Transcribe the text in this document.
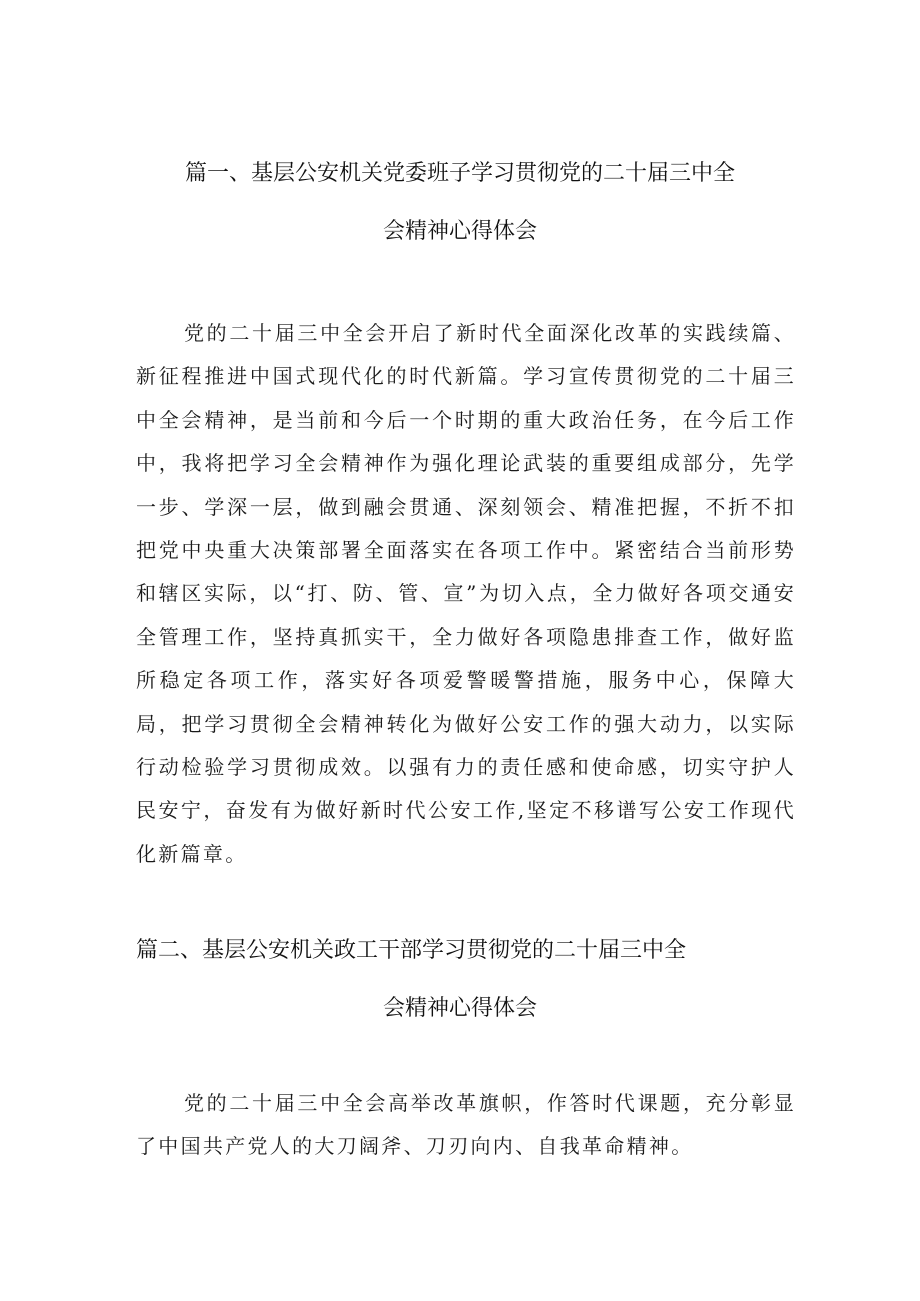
篇一、基层公安机关党委班子学习贯彻党的二十届三中全
会精神心得体会

党的二十届三中全会开启了新时代全面深化改革的实践续篇、新征程推进中国式现代化的时代新篇。学习宣传贯彻党的二十届三中全会精神，是当前和今后一个时期的重大政治任务，在今后工作中，我将把学习全会精神作为强化理论武装的重要组成部分，先学一步、学深一层，做到融会贯通、深刻领会、精准把握，不折不扣把党中央重大决策部署全面落实在各项工作中。紧密结合当前形势和辖区实际，以“打、防、管、宣”为切入点，全力做好各项交通安全管理工作，坚持真抓实干，全力做好各项隐患排查工作，做好监所稳定各项工作，落实好各项爱警暖警措施，服务中心，保障大局，把学习贯彻全会精神转化为做好公安工作的强大动力，以实际行动检验学习贯彻成效。以强有力的责任感和使命感，切实守护人民安宁，奋发有为做好新时代公安工作,坚定不移谱写公安工作现代化新篇章。

篇二、基层公安机关政工干部学习贯彻党的二十届三中全
会精神心得体会

党的二十届三中全会高举改革旗帜，作答时代课题，充分彰显了中国共产党人的大刀阔斧、刀刃向内、自我革命精神。
